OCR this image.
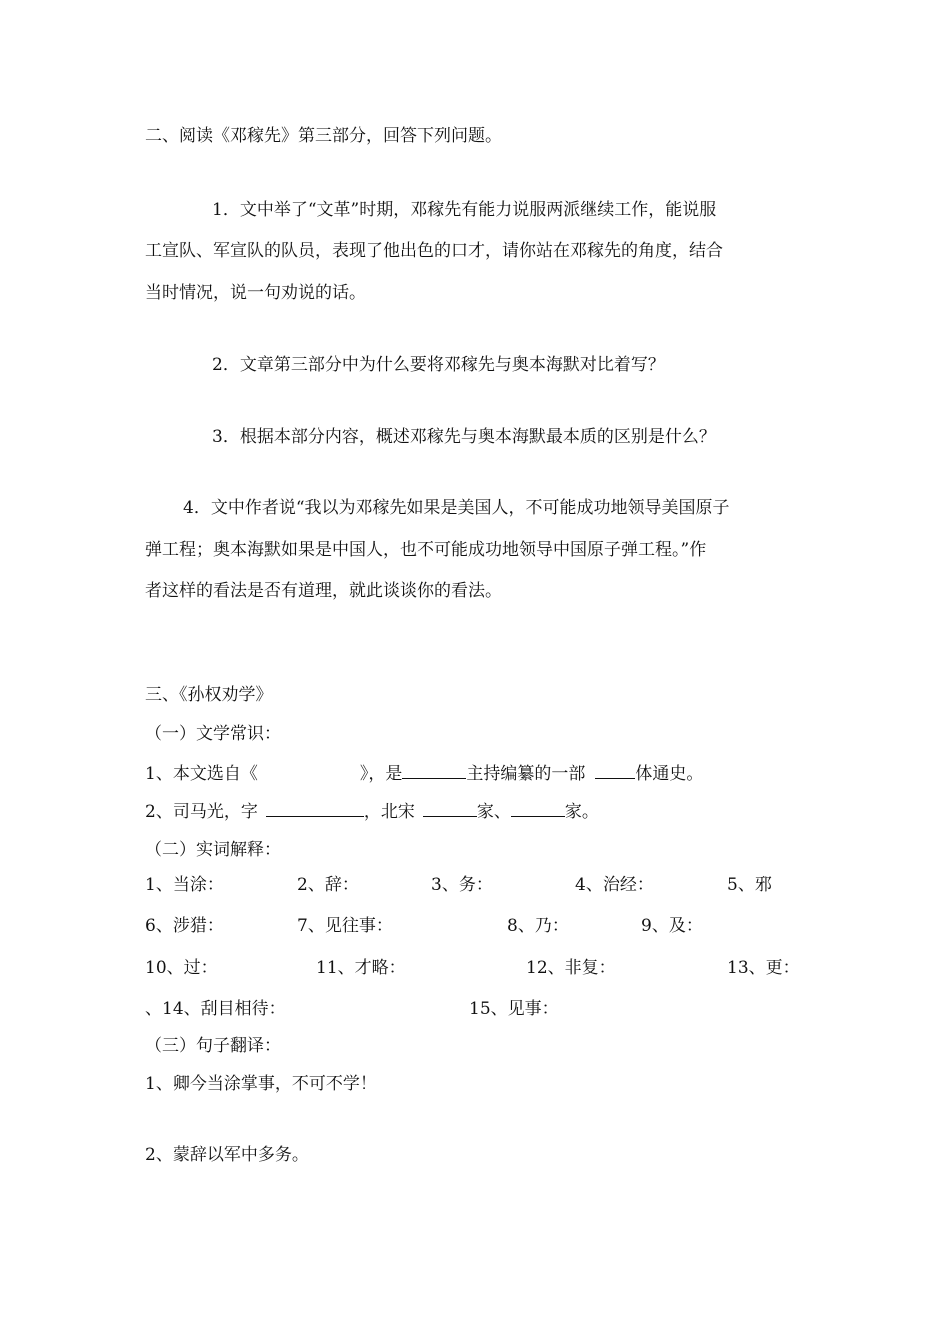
二、阅读《邓稼先》第三部分，回答下列问题。
1．文中举了“文革”时期，邓稼先有能力说服两派继续工作，能说服
工宣队、军宣队的队员，表现了他出色的口才，请你站在邓稼先的角度，结合
当时情况，说一句劝说的话。
2．文章第三部分中为什么要将邓稼先与奥本海默对比着写？
3．根据本部分内容，概述邓稼先与奥本海默最本质的区别是什么？
4．文中作者说“我以为邓稼先如果是美国人，不可能成功地领导美国原子
弹工程；奥本海默如果是中国人，也不可能成功地领导中国原子弹工程。”作
者这样的看法是否有道理，就此谈谈你的看法。
三、《孙权劝学》
（一）文学常识：
1、本文选自《	》，是	主持编纂的一部	体通史。
2、司马光，字	，北宋	家、	家。
（二）实词解释：
1、当涂：	2、辞：	3、务：	4、治经：	5、邪
6、涉猎：	7、见往事：	8、乃：	9、及：
10、过：	11、才略：	12、非复：	13、更：
、14、刮目相待：	15、见事：
（三）句子翻译：
1、卿今当涂掌事，不可不学！
2、蒙辞以军中多务。
